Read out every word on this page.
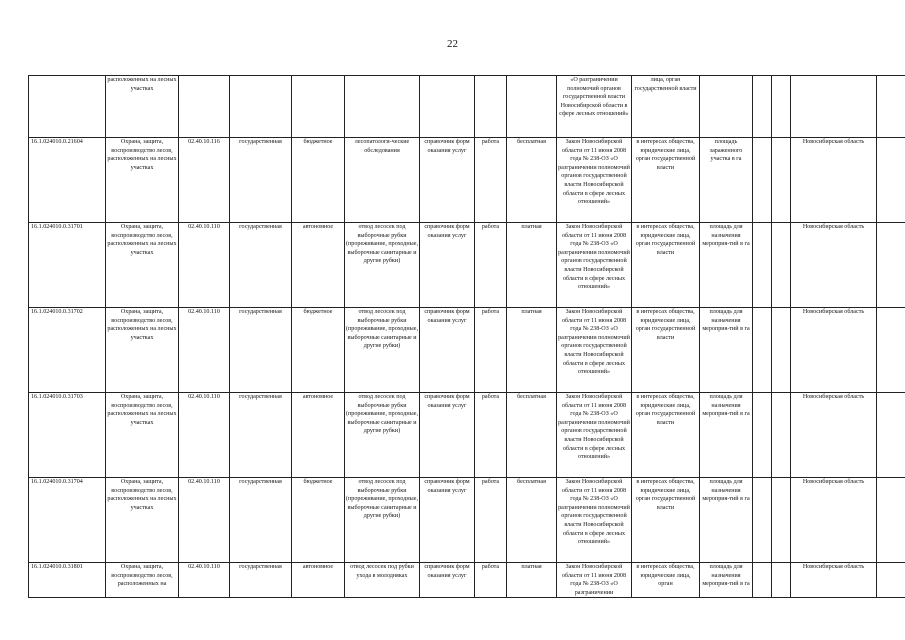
22

	расположенных на лесных участках								«О разграничении полномочий органов государственной власти Новосибирской области в сфере лесных отношений»	лица, орган государственной власти					

16.1.024010.0.21604	Охрана, защита, воспроизводство лесов, расположенных на лесных участках	02.40.10.116	государственная	бюджетное	лесопатологи-ческие обследования	справочник форм оказания услуг	работа	бесплатная	Закон Новосибирской области от 11 июня 2008 года № 238-ОЗ «О разграничении полномочий органов государственной власти Новосибирской области в сфере лесных отношений»	в интересах общества, юридические лица, орган государственной власти	площадь зараженного участка в га			Новосибирская область	

16.1.024010.0.31701	Охрана, защита, воспроизводство лесов, расположенных на лесных участках	02.40.10.110	государственная	автономное	отвод лесосек под выборочные рубки (прореживание, проходные, выборочные санитарные и другие рубки)	справочник форм оказания услуг	работа	платная	Закон Новосибирской области от 11 июня 2008 года № 238-ОЗ «О разграничении полномочий органов государственной власти Новосибирской области в сфере лесных отношений»	в интересах общества, юридические лица, орган государственной власти	площадь для назначения мероприя-тий в га			Новосибирская область	

16.1.024010.0.31702	Охрана, защита, воспроизводство лесов, расположенных на лесных участках	02.40.10.110	государственная	бюджетное	отвод лесосек под выборочные рубки (прореживание, проходные, выборочные санитарные и другие рубки)	справочник форм оказания услуг	работа	платная	Закон Новосибирской области от 11 июня 2008 года № 238-ОЗ «О разграничении полномочий органов государственной власти Новосибирской области в сфере лесных отношений»	в интересах общества, юридические лица, орган государственной власти	площадь для назначения мероприя-тий в га			Новосибирская область	

16.1.024010.0.31703	Охрана, защита, воспроизводство лесов, расположенных на лесных участках	02.40.10.110	государственная	автономное	отвод лесосек под выборочные рубки (прореживание, проходные, выборочные санитарные и другие рубки)	справочник форм оказания услуг	работа	бесплатная	Закон Новосибирской области от 11 июня 2008 года № 238-ОЗ «О разграничении полномочий органов государственной власти Новосибирской области в сфере лесных отношений»	в интересах общества, юридические лица, орган государственной власти	площадь для назначения мероприя-тий в га			Новосибирская область	

16.1.024010.0.31704	Охрана, защита, воспроизводство лесов, расположенных на лесных участках	02.40.10.110	государственная	бюджетное	отвод лесосек под выборочные рубки (прореживание, проходные, выборочные санитарные и другие рубки)	справочник форм оказания услуг	работа	бесплатная	Закон Новосибирской области от 11 июня 2008 года № 238-ОЗ «О разграничении полномочий органов государственной власти Новосибирской области в сфере лесных отношений»	в интересах общества, юридические лица, орган государственной власти	площадь для назначения мероприя-тий в га			Новосибирская область	

16.1.024010.0.31801	Охрана, защита, воспроизводство лесов, расположенных на	02.40.10.110	государственная	автономное	отвод лесосек под рубки ухода в молодняках	справочник форм оказания услуг	работа	платная	Закон Новосибирской области от 11 июня 2008 года № 238-ОЗ «О разграничении	в интересах общества, юридические лица, орган	площадь для назначения мероприя-тий в га			Новосибирская область	
